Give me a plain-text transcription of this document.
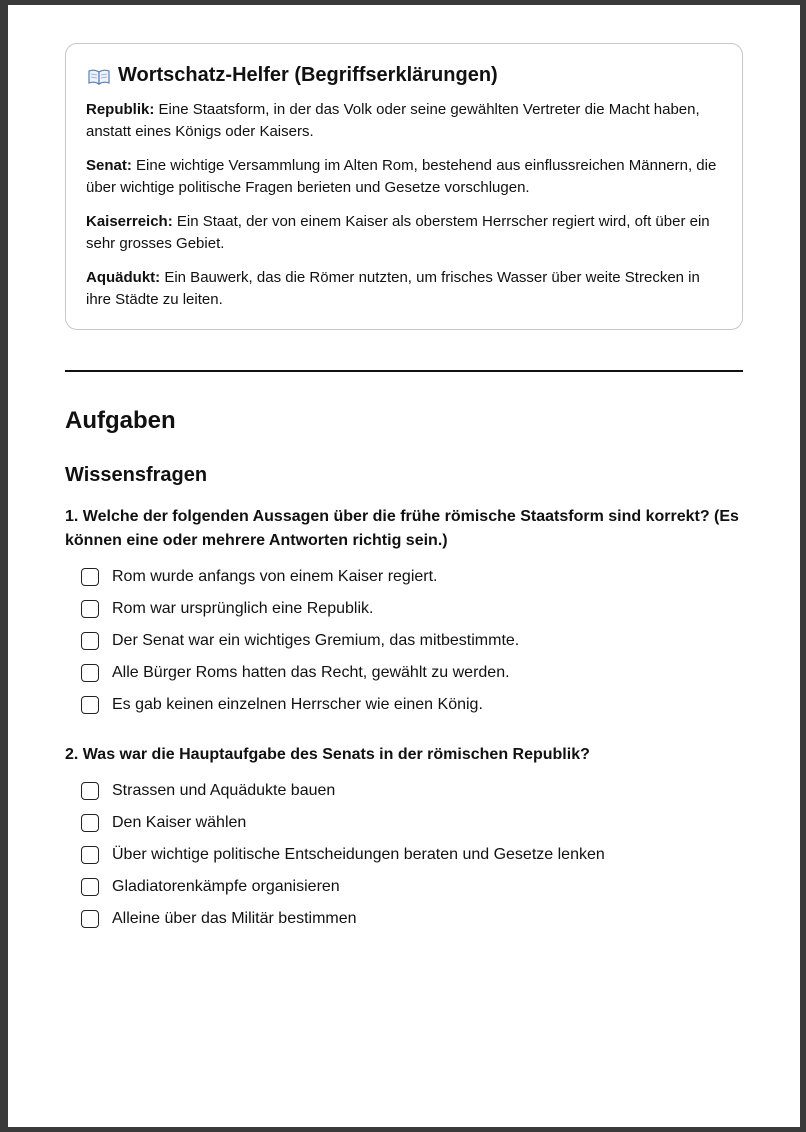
Wortschatz-Helfer (Begriffserklärungen)

Republik: Eine Staatsform, in der das Volk oder seine gewählten Vertreter die Macht haben, anstatt eines Königs oder Kaisers.

Senat: Eine wichtige Versammlung im Alten Rom, bestehend aus einflussreichen Männern, die über wichtige politische Fragen berieten und Gesetze vorschlugen.

Kaiserreich: Ein Staat, der von einem Kaiser als oberstem Herrscher regiert wird, oft über ein sehr grosses Gebiet.

Aquädukt: Ein Bauwerk, das die Römer nutzten, um frisches Wasser über weite Strecken in ihre Städte zu leiten.

Aufgaben
Wissensfragen
1. Welche der folgenden Aussagen über die frühe römische Staatsform sind korrekt? (Es können eine oder mehrere Antworten richtig sein.)
Rom wurde anfangs von einem Kaiser regiert.
Rom war ursprünglich eine Republik.
Der Senat war ein wichtiges Gremium, das mitbestimmte.
Alle Bürger Roms hatten das Recht, gewählt zu werden.
Es gab keinen einzelnen Herrscher wie einen König.
2. Was war die Hauptaufgabe des Senats in der römischen Republik?
Strassen und Aquädukte bauen
Den Kaiser wählen
Über wichtige politische Entscheidungen beraten und Gesetze lenken
Gladiatorenkämpfe organisieren
Alleine über das Militär bestimmen
